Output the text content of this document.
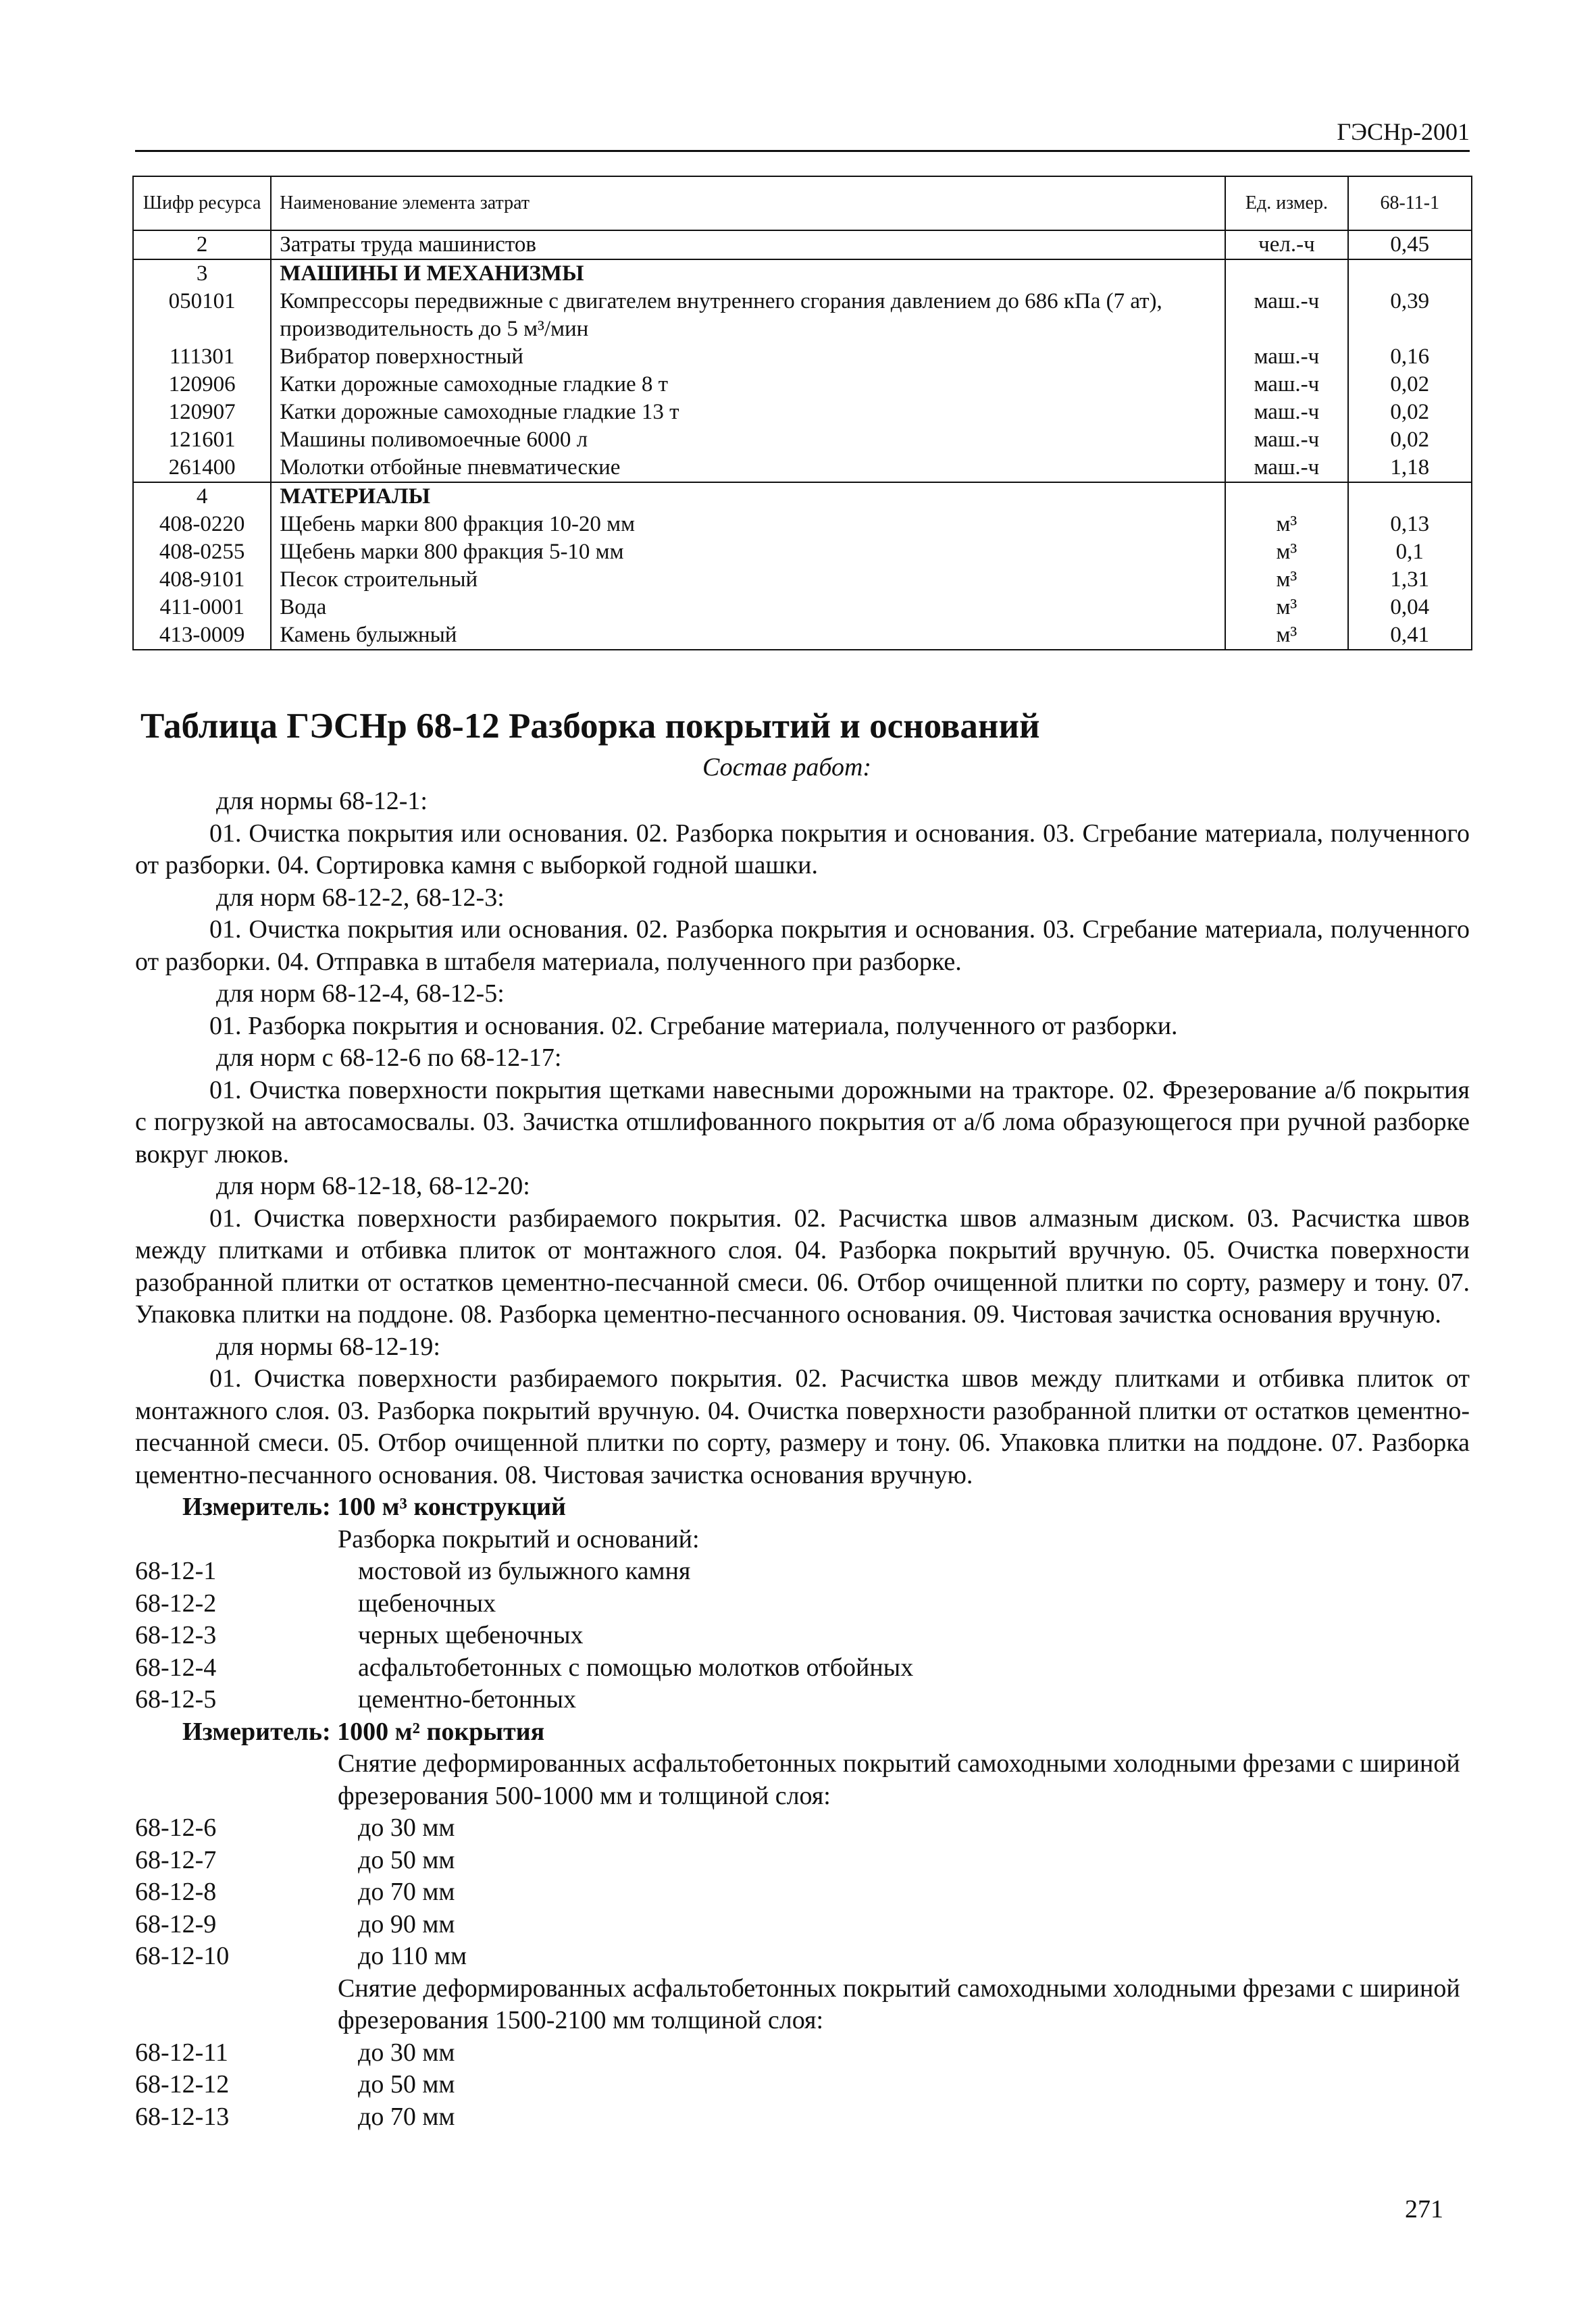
ГЭСНр-2001
Шифр ресурса	Наименование элемента затрат	Ед. измер.	68-11-1
2	Затраты труда машинистов	чел.-ч	0,45
3	МАШИНЫ И МЕХАНИЗМЫ		
050101	Компрессоры передвижные с двигателем внутреннего сгорания давлением до 686 кПа (7 ат), производительность до 5 м³/мин	маш.-ч	0,39
111301	Вибратор поверхностный	маш.-ч	0,16
120906	Катки дорожные самоходные гладкие 8 т	маш.-ч	0,02
120907	Катки дорожные самоходные гладкие 13 т	маш.-ч	0,02
121601	Машины поливомоечные 6000 л	маш.-ч	0,02
261400	Молотки отбойные пневматические	маш.-ч	1,18
4	МАТЕРИАЛЫ		
408-0220	Щебень марки 800 фракция 10-20 мм	м³	0,13
408-0255	Щебень марки 800 фракция 5-10 мм	м³	0,1
408-9101	Песок строительный	м³	1,31
411-0001	Вода	м³	0,04
413-0009	Камень булыжный	м³	0,41
Таблица ГЭСНр 68-12 Разборка покрытий и оснований
Состав работ:

для нормы 68-12-1:

01. Очистка покрытия или основания. 02. Разборка покрытия и основания. 03. Сгребание материала, полученного от разборки. 04. Сортировка камня с выборкой годной шашки.

для норм 68-12-2, 68-12-3:

01. Очистка покрытия или основания. 02. Разборка покрытия и основания. 03. Сгребание материала, полученного от разборки. 04. Отправка в штабеля материала, полученного при разборке.

для норм 68-12-4, 68-12-5:

01. Разборка покрытия и основания. 02. Сгребание материала, полученного от разборки.

для норм с 68-12-6 по 68-12-17:

01. Очистка поверхности покрытия щетками навесными дорожными на тракторе. 02. Фрезерование а/б покрытия с погрузкой на автосамосвалы. 03. Зачистка отшлифованного покрытия от а/б лома образующегося при ручной разборке вокруг люков.

для норм 68-12-18, 68-12-20:

01. Очистка поверхности разбираемого покрытия. 02. Расчистка швов алмазным диском. 03. Расчистка швов между плитками и отбивка плиток от монтажного слоя. 04. Разборка покрытий вручную. 05. Очистка поверхности разобранной плитки от остатков цементно-песчанной смеси. 06. Отбор очищенной плитки по сорту, размеру и тону. 07. Упаковка плитки на поддоне. 08. Разборка цементно-песчанного основания. 09. Чистовая зачистка основания вручную.

для нормы 68-12-19:

01. Очистка поверхности разбираемого покрытия. 02. Расчистка швов между плитками и отбивка плиток от монтажного слоя. 03. Разборка покрытий вручную. 04. Очистка поверхности разобранной плитки от остатков цементно-песчанной смеси. 05. Отбор очищенной плитки по сорту, размеру и тону. 06. Упаковка плитки на поддоне. 07. Разборка цементно-песчанного основания. 08. Чистовая зачистка основания вручную.

Измеритель: 100 м³ конструкций

Разборка покрытий и оснований:
68-12-1	мостовой из булыжного камня
68-12-2	щебеночных
68-12-3	черных щебеночных
68-12-4	асфальтобетонных с помощью молотков отбойных
68-12-5	цементно-бетонных

Измеритель: 1000 м² покрытия

Снятие деформированных асфальтобетонных покрытий самоходными холодными фрезами с шириной фрезерования 500-1000 мм и толщиной слоя:
68-12-6	до 30 мм
68-12-7	до 50 мм
68-12-8	до 70 мм
68-12-9	до 90 мм
68-12-10	до 110 мм
Снятие деформированных асфальтобетонных покрытий самоходными холодными фрезами с шириной фрезерования 1500-2100 мм толщиной слоя:
68-12-11	до 30 мм
68-12-12	до 50 мм
68-12-13	до 70 мм
271
